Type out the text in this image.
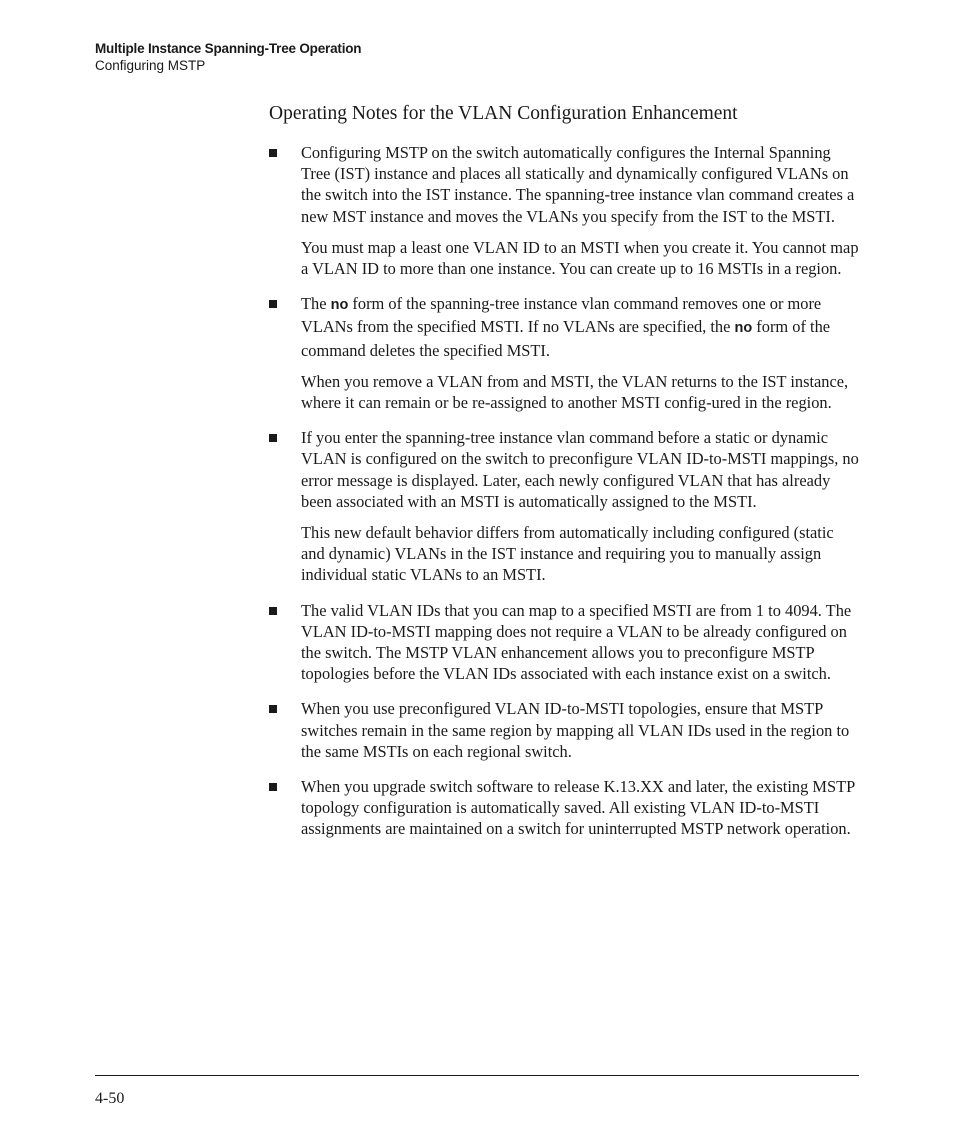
Multiple Instance Spanning-Tree Operation
Configuring MSTP
Operating Notes for the VLAN Configuration Enhancement

Configuring MSTP on the switch automatically configures the Internal Spanning Tree (IST) instance and places all statically and dynamically configured VLANs on the switch into the IST instance. The spanning-tree instance vlan command creates a new MST instance and moves the VLANs you specify from the IST to the MSTI.

You must map a least one VLAN ID to an MSTI when you create it. You cannot map a VLAN ID to more than one instance. You can create up to 16 MSTIs in a region.

The no form of the spanning-tree instance vlan command removes one or more VLANs from the specified MSTI. If no VLANs are specified, the no form of the command deletes the specified MSTI.

When you remove a VLAN from and MSTI, the VLAN returns to the IST instance, where it can remain or be re-assigned to another MSTI config-ured in the region.

If you enter the spanning-tree instance vlan command before a static or dynamic VLAN is configured on the switch to preconfigure VLAN ID-to-MSTI mappings, no error message is displayed. Later, each newly configured VLAN that has already been associated with an MSTI is automatically assigned to the MSTI.

This new default behavior differs from automatically including configured (static and dynamic) VLANs in the IST instance and requiring you to manually assign individual static VLANs to an MSTI.

The valid VLAN IDs that you can map to a specified MSTI are from 1 to 4094. The VLAN ID-to-MSTI mapping does not require a VLAN to be already configured on the switch. The MSTP VLAN enhancement allows you to preconfigure MSTP topologies before the VLAN IDs associated with each instance exist on a switch.

When you use preconfigured VLAN ID-to-MSTI topologies, ensure that MSTP switches remain in the same region by mapping all VLAN IDs used in the region to the same MSTIs on each regional switch.

When you upgrade switch software to release K.13.XX and later, the existing MSTP topology configuration is automatically saved. All existing VLAN ID-to-MSTI assignments are maintained on a switch for uninterrupted MSTP network operation.

4-50
